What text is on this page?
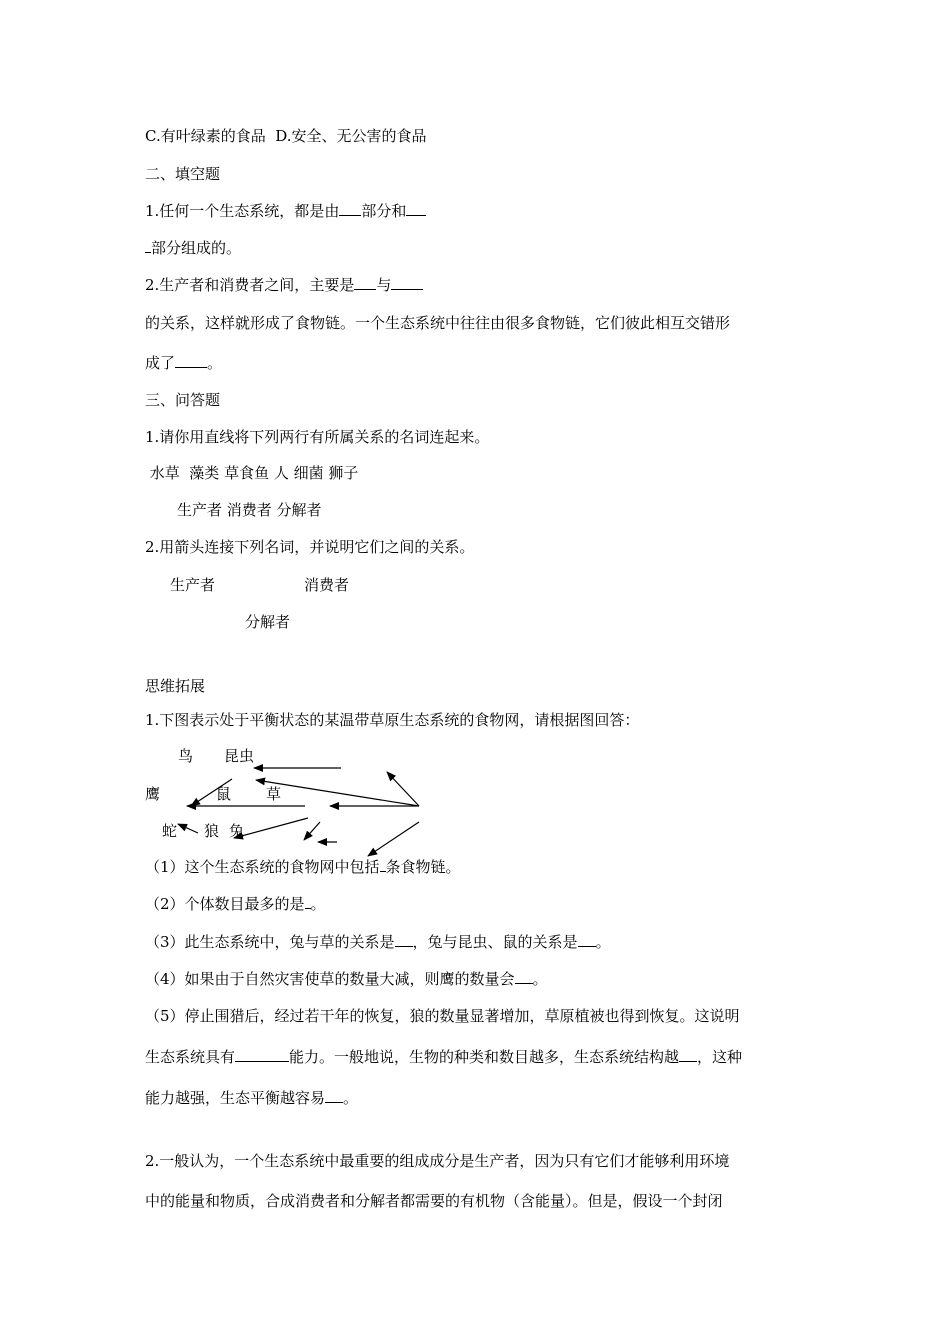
C.有叶绿素的食品  D.安全、无公害的食品
二、填空题
1.任何一个生态系统，都是由 部分和
部分组成的。
2.生产者和消费者之间，主要是 与
的关系，这样就形成了食物链。一个生态系统中往往由很多食物链，它们彼此相互交错形
成了 。
三、问答题
1.请你用直线将下列两行有所属关系的名词连起来。
水草  藻类 草食鱼 人 细菌 狮子
生产者 消费者 分解者
2.用箭头连接下列名词，并说明它们之间的关系。
生产者	消费者
分解者
思维拓展
1.下图表示处于平衡状态的某温带草原生态系统的食物网，请根据图回答：
鸟 昆虫
鹰	鼠 草
蛇 狼 兔
（1）这个生态系统的食物网中包括 条食物链。
（2）个体数目最多的是 。
（3）此生态系统中，兔与草的关系是 ，兔与昆虫、鼠的关系是 。
（4）如果由于自然灾害使草的数量大减，则鹰的数量会 。
（5）停止围猎后，经过若干年的恢复，狼的数量显著增加，草原植被也得到恢复。这说明
生态系统具有	能力。一般地说，生物的种类和数目越多，生态系统结构越 ，这种
能力越强，生态平衡越容易 。
2.一般认为，一个生态系统中最重要的组成成分是生产者，因为只有它们才能够利用环境
中的能量和物质，合成消费者和分解者都需要的有机物（含能量）。但是，假设一个封闭
